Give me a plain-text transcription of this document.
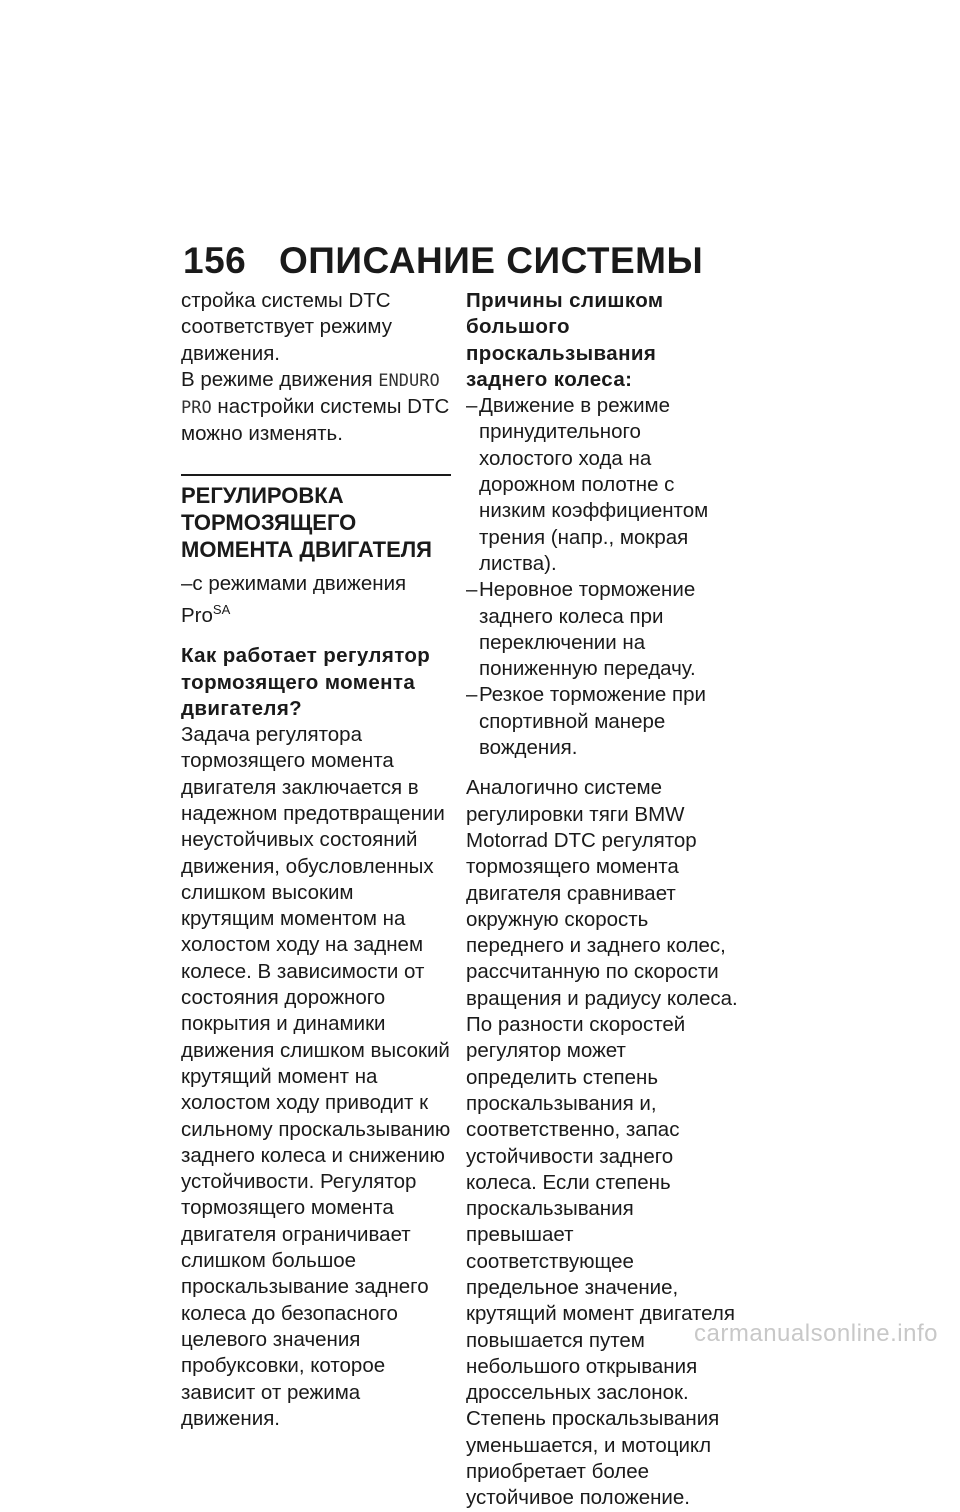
156 ОПИСАНИЕ СИСТЕМЫ

стройка системы DTC соответствует режиму движения.

В режиме движения ENDURO PRO настройки системы DTC можно изменять.

РЕГУЛИРОВКА ТОРМОЗЯЩЕГО МОМЕНТА ДВИГАТЕЛЯ

–с режимами движения Pro$^{SA}$

Как работает регулятор тормозящего момента двигателя?

Задача регулятора тормозящего момента двигателя заключается в надежном предотвращении неустойчивых состояний движения, обусловленных слишком высоким крутящим моментом на холостом ходу на заднем колесе. В зависимости от состояния дорожного покрытия и динамики движения слишком высокий крутящий момент на холостом ходу приводит к сильному проскальзыванию заднего колеса и снижению устойчивости. Регулятор тормозящего момента двигателя ограничивает слишком большое проскальзывание заднего колеса до безопасного целевого значения пробуксовки, которое зависит от режима движения.

Причины слишком большого проскальзывания заднего колеса:

– Движение в режиме принудительного холостого хода на дорожном полотне с низким коэффициентом трения (напр., мокрая листва).
– Неровное торможение заднего колеса при переключении на пониженную передачу.
– Резкое торможение при спортивной манере вождения.

Аналогично системе регулировки тяги BMW Motorrad DTC регулятор тормозящего момента двигателя сравнивает окружную скорость переднего и заднего колес, рассчитанную по скорости вращения и радиусу колеса. По разности скоростей регулятор может определить степень проскальзывания и, соответственно, запас устойчивости заднего колеса. Если степень проскальзывания превышает соответствующее предельное значение, крутящий момент двигателя повышается путем небольшого открывания дроссельных заслонок. Степень проскальзывания уменьшается, и мотоцикл приобретает более устойчивое положение.

carmanualsonline.info
